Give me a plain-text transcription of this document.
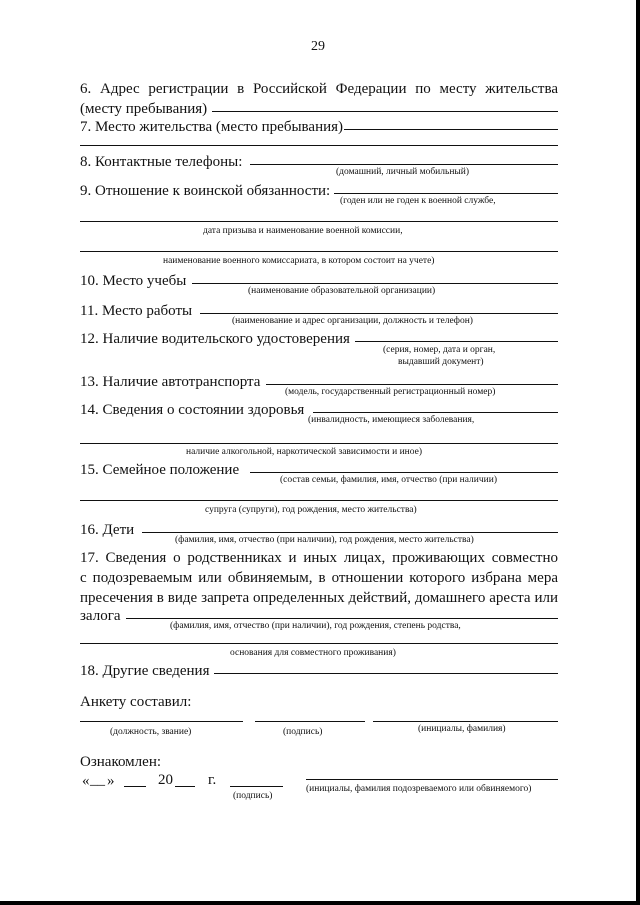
29
6. Адрес регистрации в Российской Федерации по месту жительства
(месту пребывания)
7. Место жительства (место пребывания)
8. Контактные телефоны:
(домашний, личный мобильный)
9. Отношение к воинской обязанности:
(годен или не годен к военной службе,
дата призыва и наименование военной комиссии,
наименование военного комиссариата, в котором состоит на учете)
10. Место учебы
(наименование образовательной организации)
11. Место работы
(наименование и адрес организации, должность и телефон)
12. Наличие водительского удостоверения
(серия, номер, дата и орган,
выдавший документ)
13. Наличие автотранспорта
(модель, государственный регистрационный номер)
14. Сведения о состоянии здоровья
(инвалидность, имеющиеся заболевания,
наличие алкогольной, наркотической зависимости и иное)
15. Семейное положение
(состав семьи, фамилия, имя, отчество (при наличии)
супруга (супруги), год рождения, место жительства)
16. Дети
(фамилия, имя, отчество (при наличии), год рождения, место жительства)
17. Сведения о родственниках и иных лицах, проживающих совместно
с подозреваемым или обвиняемым, в отношении которого избрана мера
пресечения в виде запрета определенных действий, домашнего ареста или
залога
(фамилия, имя, отчество (при наличии), год рождения, степень родства,
основания для совместного проживания)
18. Другие сведения
Анкету составил:
(должность, звание)	(подпись)	(инициалы, фамилия)
Ознакомлен:
« __ »	20 г.
(подпись)
(инициалы, фамилия подозреваемого или обвиняемого)
